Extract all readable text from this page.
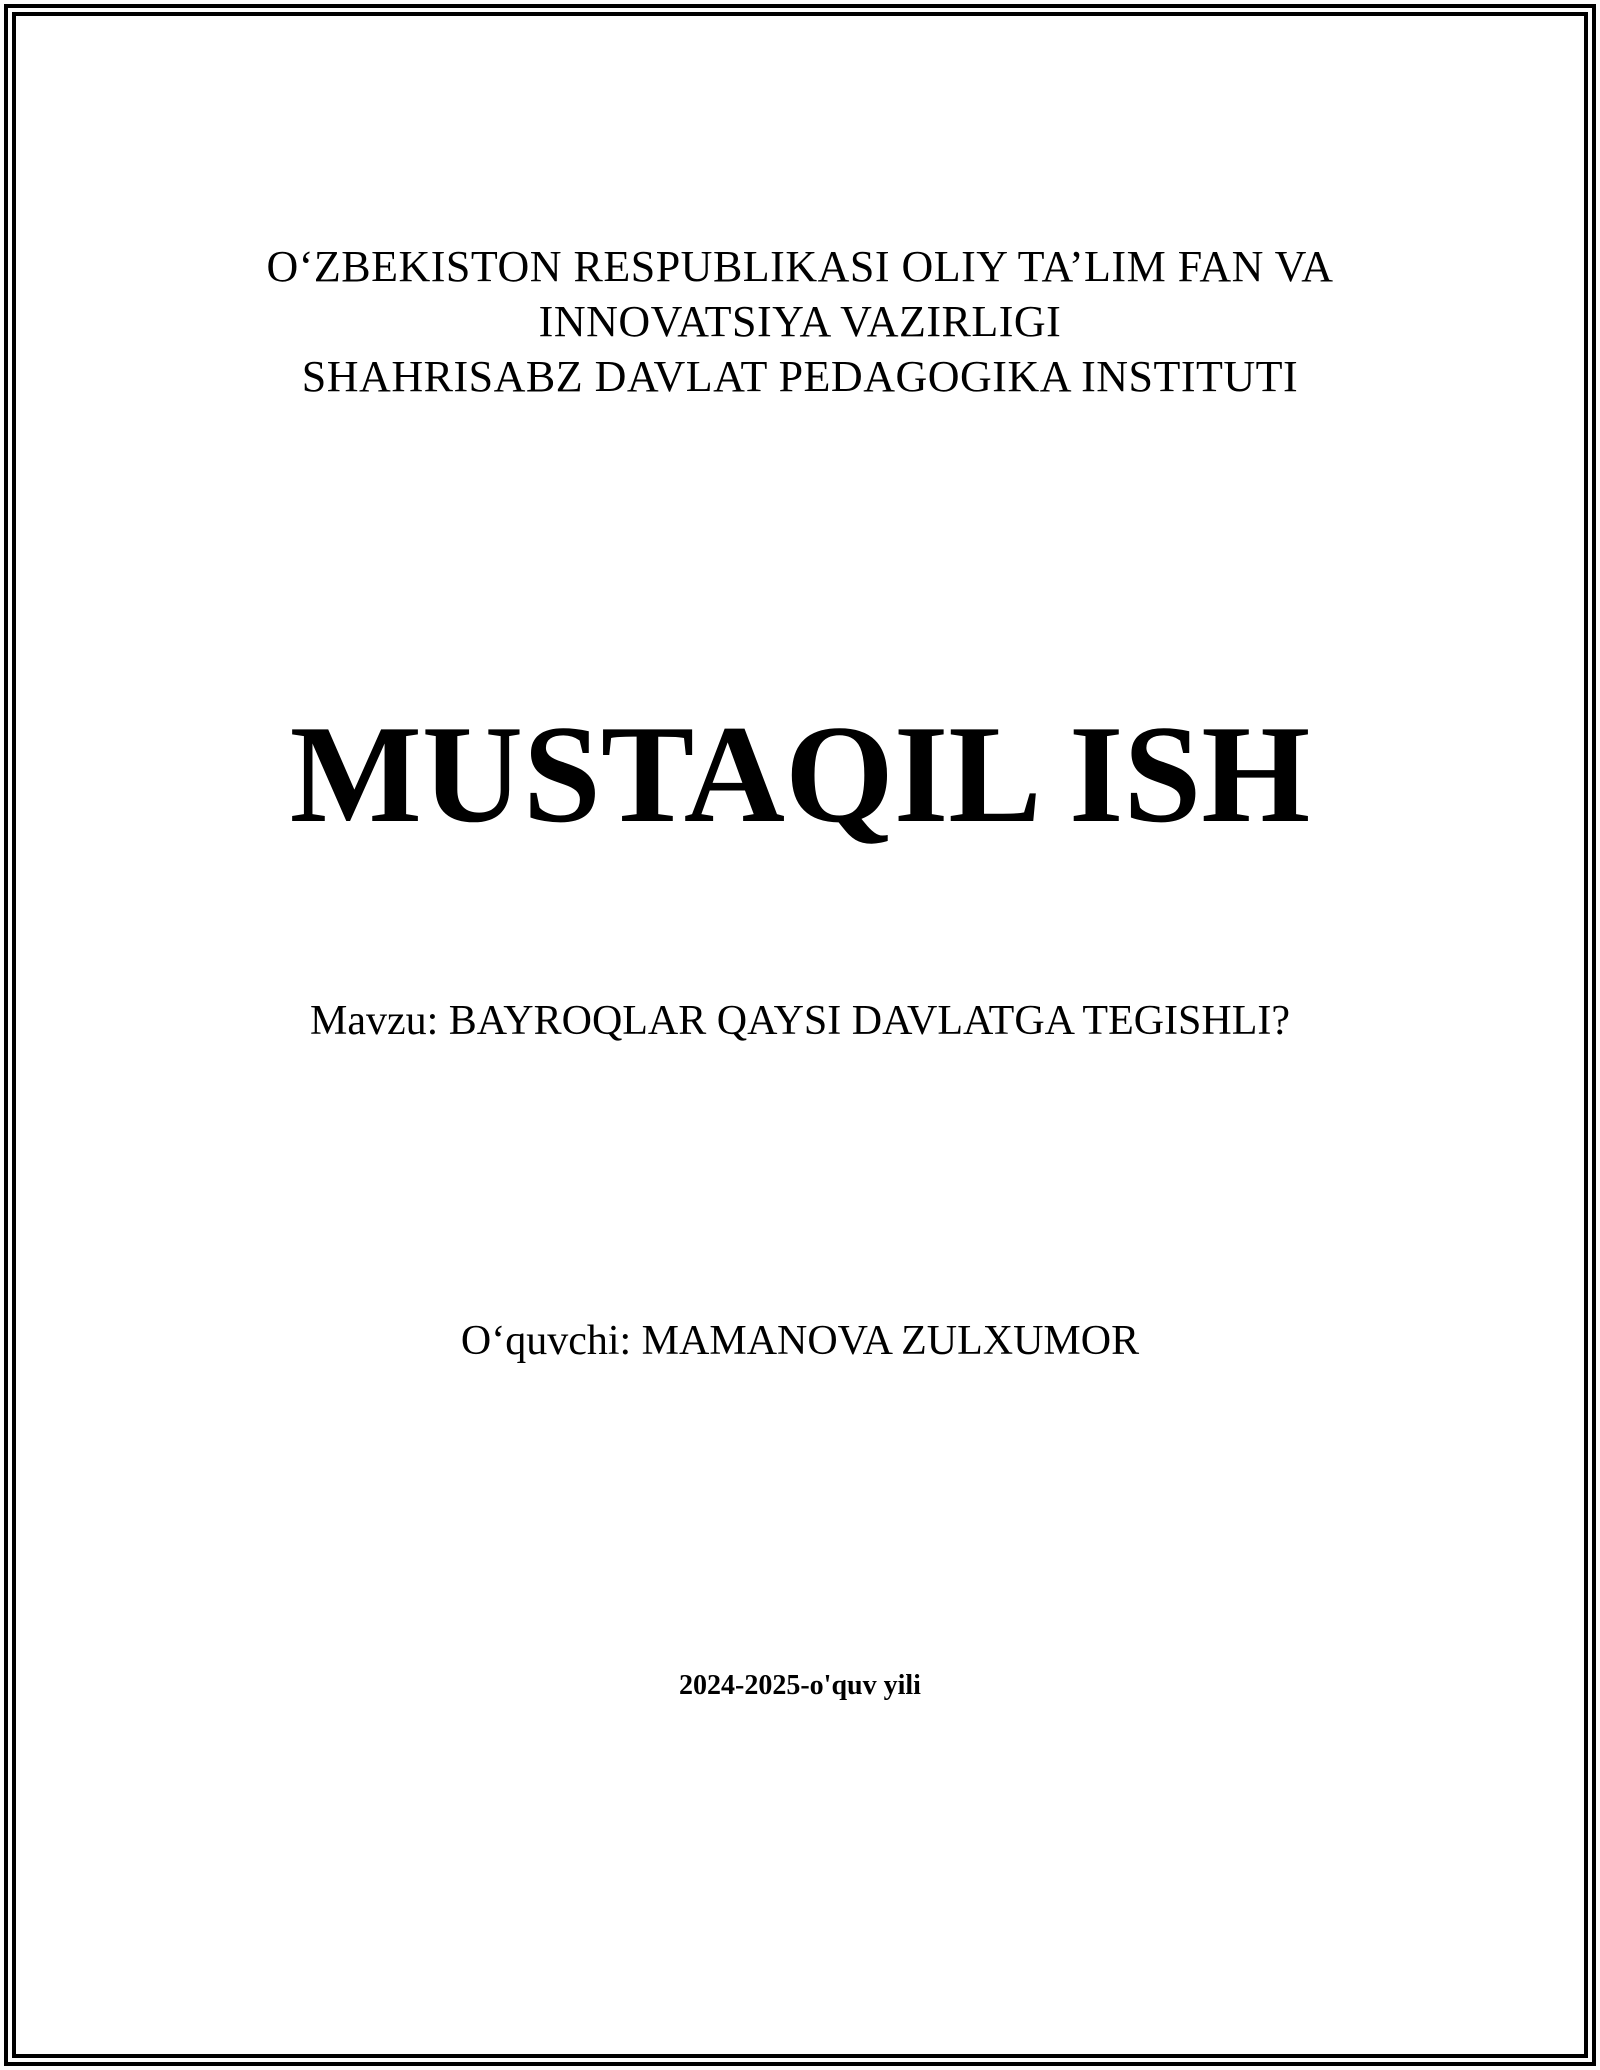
O‘ZBEKISTON RESPUBLIKASI OLIY TA’LIM FAN VA
INNOVATSIYA VAZIRLIGI
SHAHRISABZ DAVLAT PEDAGOGIKA INSTITUTI
MUSTAQIL ISH
Mavzu: BAYROQLAR QAYSI DAVLATGA TEGISHLI?
O‘quvchi: MAMANOVA ZULXUMOR
2024-2025-o'quv yili
